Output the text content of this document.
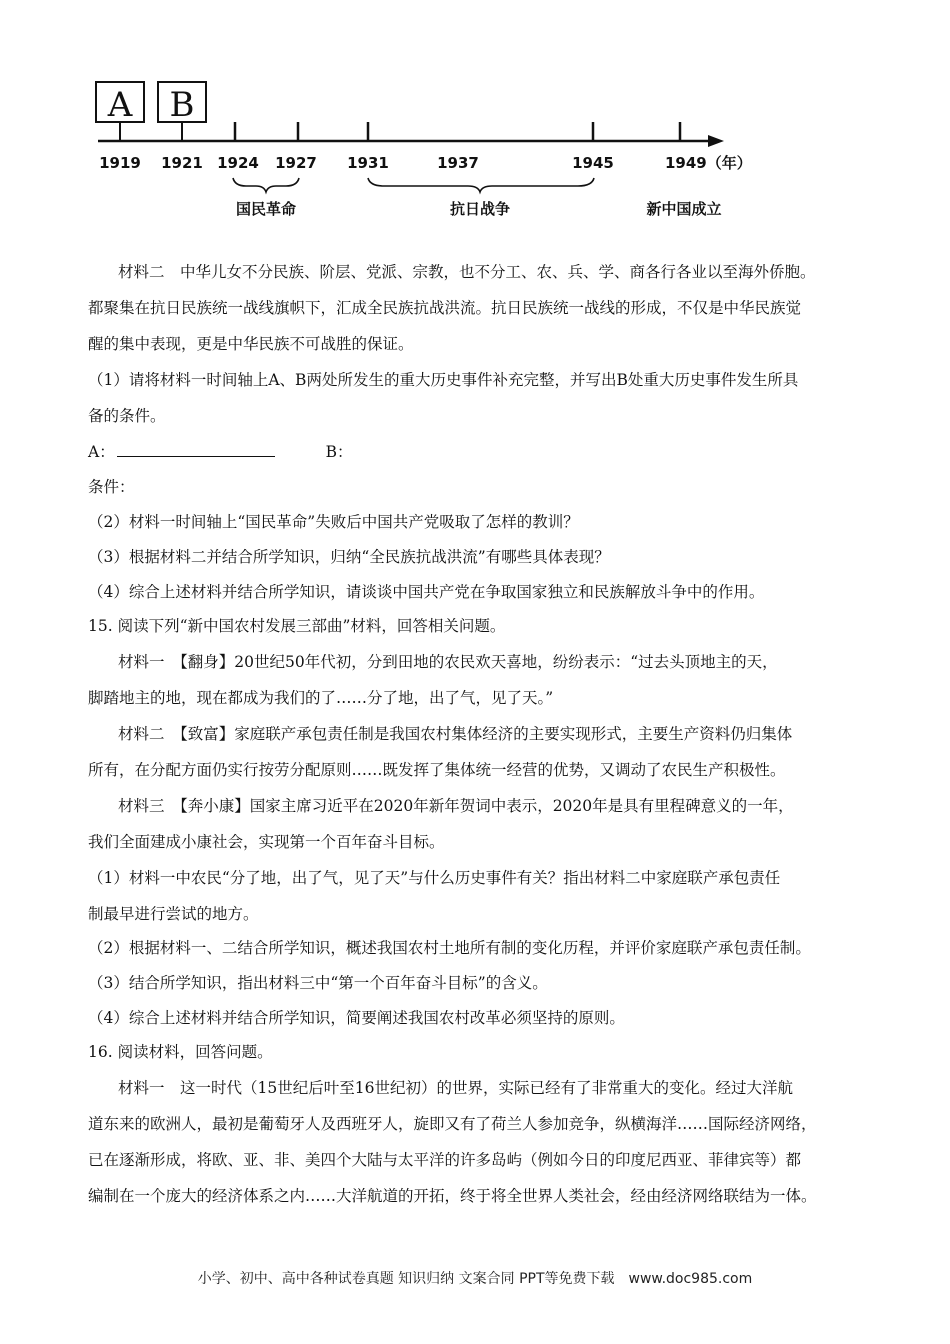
A B
1919 1921 1924 1927 1931	1937	1945	1949（年）
国民革命	抗日战争	新中国成立
材料二　中华儿女不分民族、阶层、党派、宗教，也不分工、农、兵、学、商各行各业以至海外侨胞。
都聚集在抗日民族统一战线旗帜下，汇成全民族抗战洪流。抗日民族统一战线的形成，不仅是中华民族觉
醒的集中表现，更是中华民族不可战胜的保证。
（1）请将材料一时间轴上A、B两处所发生的重大历史事件补充完整，并写出B处重大历史事件发生所具
备的条件。
A：	B：
条件：
（2）材料一时间轴上“国民革命”失败后中国共产党吸取了怎样的教训？
（3）根据材料二并结合所学知识，归纳“全民族抗战洪流”有哪些具体表现？
（4）综合上述材料并结合所学知识，请谈谈中国共产党在争取国家独立和民族解放斗争中的作用。
15. 阅读下列“新中国农村发展三部曲”材料，回答相关问题。
材料一　【翻身】20世纪50年代初，分到田地的农民欢天喜地，纷纷表示：“过去头顶地主的天，
脚踏地主的地，现在都成为我们的了……分了地，出了气，见了天。”
材料二　【致富】家庭联产承包责任制是我国农村集体经济的主要实现形式，主要生产资料仍归集体
所有，在分配方面仍实行按劳分配原则……既发挥了集体统一经营的优势，又调动了农民生产积极性。
材料三　【奔小康】国家主席习近平在2020年新年贺词中表示，2020年是具有里程碑意义的一年，
我们全面建成小康社会，实现第一个百年奋斗目标。
（1）材料一中农民“分了地，出了气，见了天”与什么历史事件有关？指出材料二中家庭联产承包责任
制最早进行尝试的地方。
（2）根据材料一、二结合所学知识，概述我国农村土地所有制的变化历程，并评价家庭联产承包责任制。
（3）结合所学知识，指出材料三中“第一个百年奋斗目标”的含义。
（4）综合上述材料并结合所学知识，简要阐述我国农村改革必须坚持的原则。
16. 阅读材料，回答问题。
材料一　这一时代（15世纪后叶至16世纪初）的世界，实际已经有了非常重大的变化。经过大洋航
道东来的欧洲人，最初是葡萄牙人及西班牙人，旋即又有了荷兰人参加竞争，纵横海洋……国际经济网络，
已在逐渐形成，将欧、亚、非、美四个大陆与太平洋的许多岛屿（例如今日的印度尼西亚、菲律宾等）都
编制在一个庞大的经济体系之内……大洋航道的开拓，终于将全世界人类社会，经由经济网络联结为一体。
小学、初中、高中各种试卷真题 知识归纳 文案合同 PPT等免费下载　www.doc985.com
